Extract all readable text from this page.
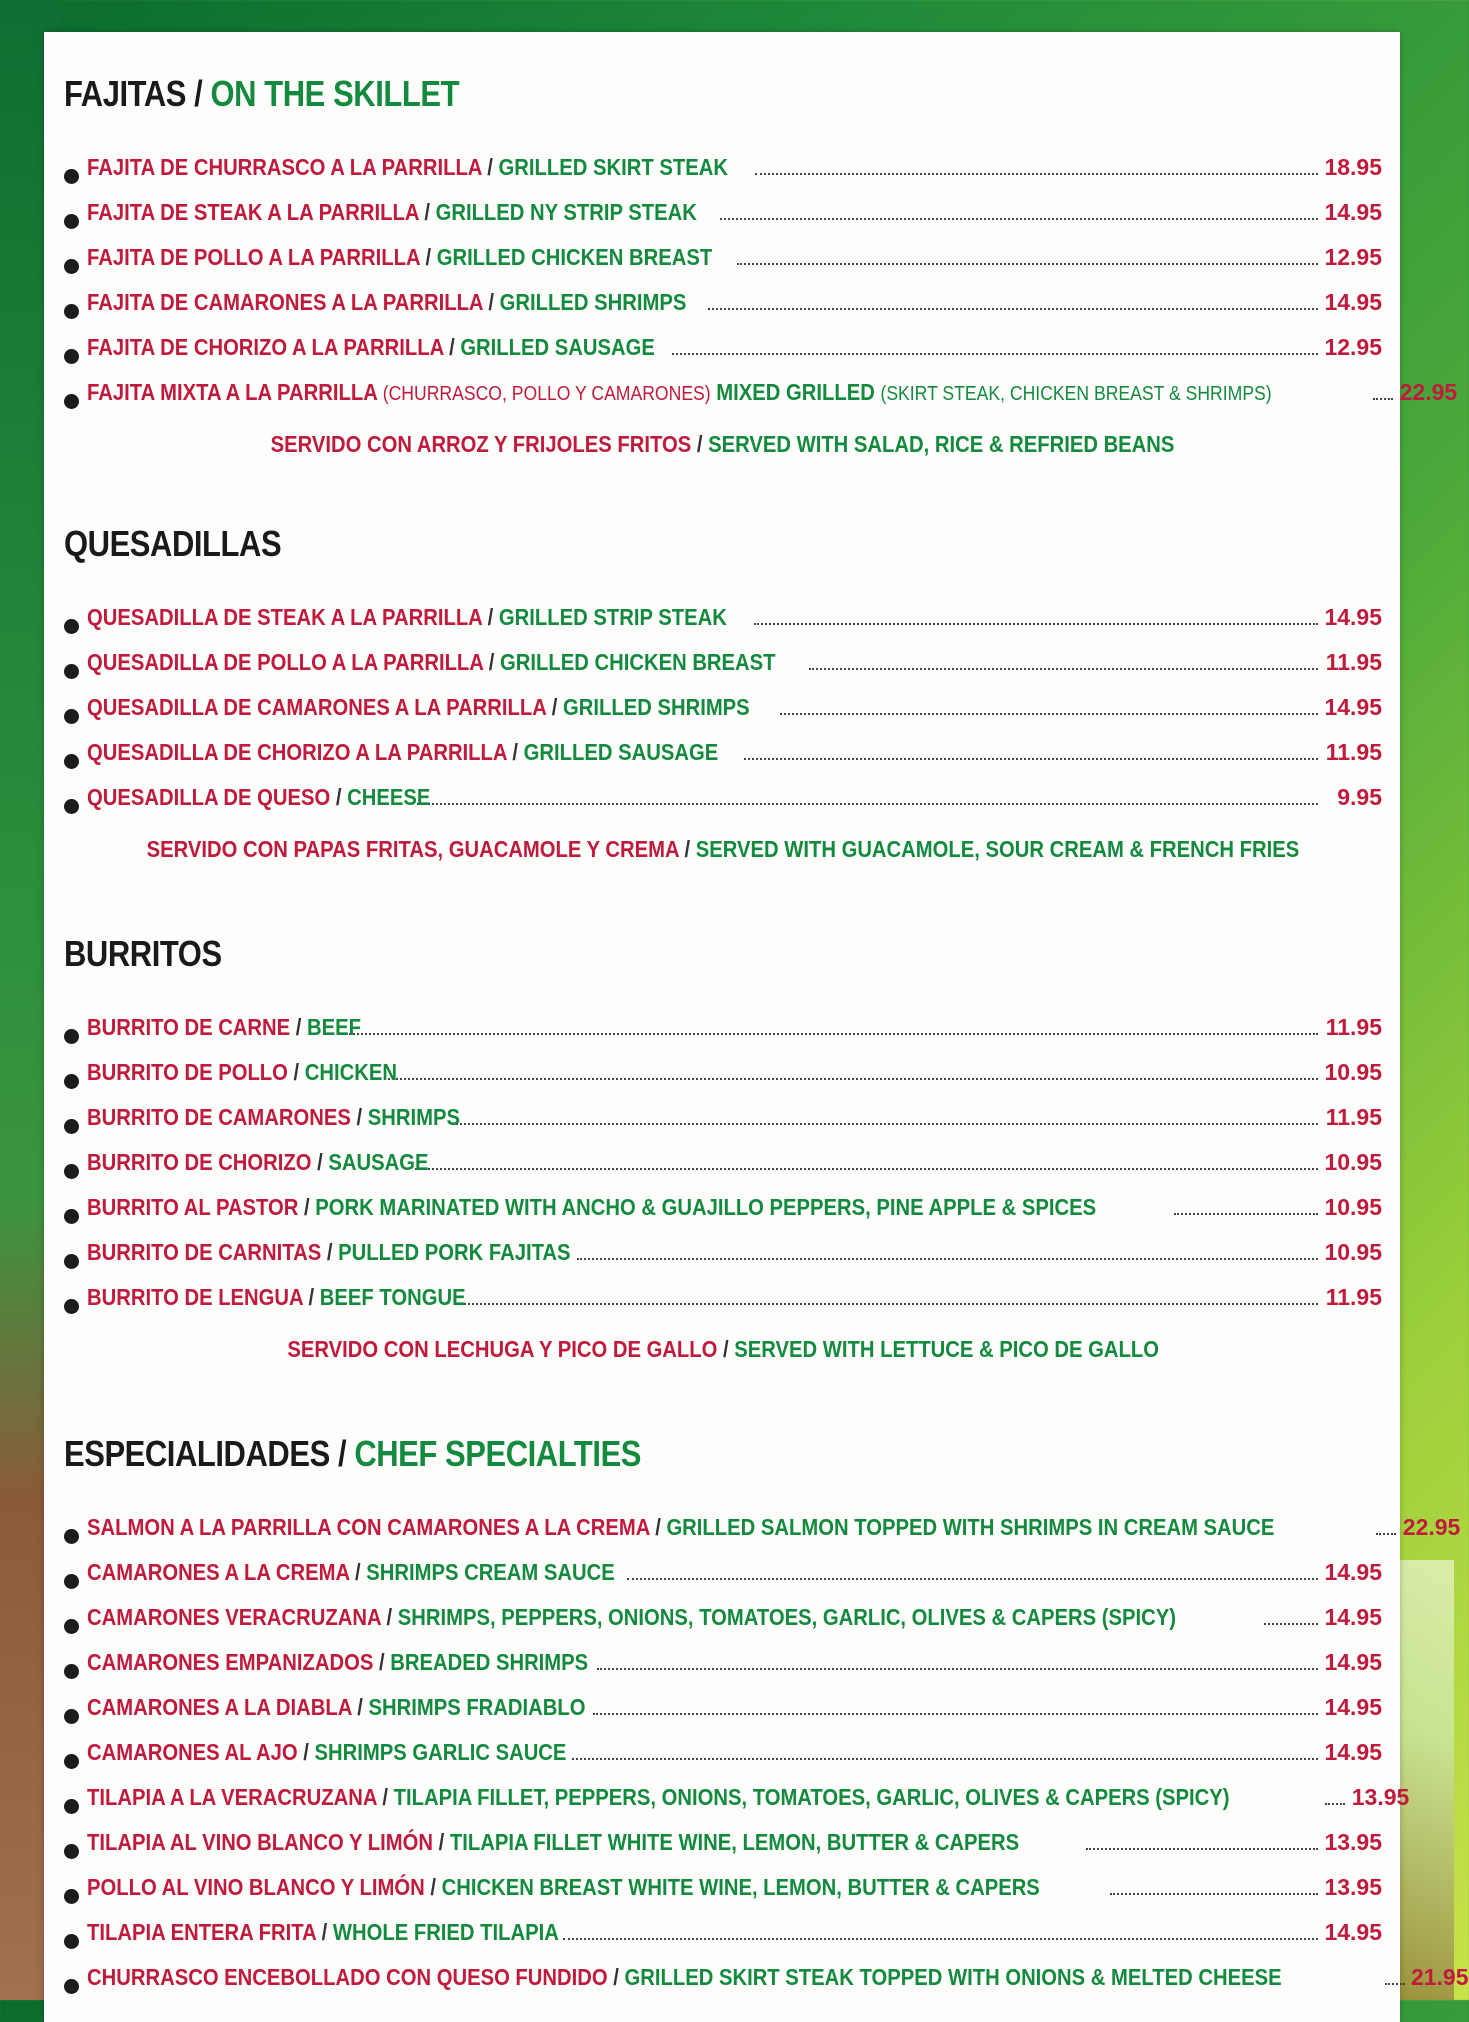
FAJITAS / ON THE SKILLET
FAJITA DE CHURRASCO A LA PARRILLA / GRILLED SKIRT STEAK	18.95
FAJITA DE STEAK A LA PARRILLA / GRILLED NY STRIP STEAK	14.95
FAJITA DE POLLO A LA PARRILLA / GRILLED CHICKEN BREAST	12.95
FAJITA DE CAMARONES A LA PARRILLA / GRILLED SHRIMPS	14.95
FAJITA DE CHORIZO A LA PARRILLA / GRILLED SAUSAGE	12.95
FAJITA MIXTA A LA PARRILLA (CHURRASCO, POLLO Y CAMARONES) MIXED GRILLED (SKIRT STEAK, CHICKEN BREAST & SHRIMPS)	22.95
SERVIDO CON ARROZ Y FRIJOLES FRITOS / SERVED WITH SALAD, RICE & REFRIED BEANS
QUESADILLAS
QUESADILLA DE STEAK A LA PARRILLA / GRILLED STRIP STEAK	14.95
QUESADILLA DE POLLO A LA PARRILLA / GRILLED CHICKEN BREAST	11.95
QUESADILLA DE CAMARONES A LA PARRILLA / GRILLED SHRIMPS	14.95
QUESADILLA DE CHORIZO A LA PARRILLA / GRILLED SAUSAGE	11.95
QUESADILLA DE QUESO / CHEESE	9.95
SERVIDO CON PAPAS FRITAS, GUACAMOLE Y CREMA / SERVED WITH GUACAMOLE, SOUR CREAM & FRENCH FRIES
BURRITOS
BURRITO DE CARNE / BEEF	11.95
BURRITO DE POLLO / CHICKEN	10.95
BURRITO DE CAMARONES / SHRIMPS	11.95
BURRITO DE CHORIZO / SAUSAGE	10.95
BURRITO AL PASTOR / PORK MARINATED WITH ANCHO & GUAJILLO PEPPERS, PINE APPLE & SPICES	10.95
BURRITO DE CARNITAS / PULLED PORK FAJITAS	10.95
BURRITO DE LENGUA / BEEF TONGUE	11.95
SERVIDO CON LECHUGA Y PICO DE GALLO / SERVED WITH LETTUCE & PICO DE GALLO
ESPECIALIDADES / CHEF SPECIALTIES
SALMON A LA PARRILLA CON CAMARONES A LA CREMA / GRILLED SALMON TOPPED WITH SHRIMPS IN CREAM SAUCE	22.95
CAMARONES A LA CREMA / SHRIMPS CREAM SAUCE	14.95
CAMARONES VERACRUZANA / SHRIMPS, PEPPERS, ONIONS, TOMATOES, GARLIC, OLIVES & CAPERS (SPICY)	14.95
CAMARONES EMPANIZADOS / BREADED SHRIMPS	14.95
CAMARONES A LA DIABLA / SHRIMPS FRADIABLO	14.95
CAMARONES AL AJO / SHRIMPS GARLIC SAUCE	14.95
TILAPIA A LA VERACRUZANA / TILAPIA FILLET, PEPPERS, ONIONS, TOMATOES, GARLIC, OLIVES & CAPERS (SPICY)	13.95
TILAPIA AL VINO BLANCO Y LIMÓN / TILAPIA FILLET WHITE WINE, LEMON, BUTTER & CAPERS	13.95
POLLO AL VINO BLANCO Y LIMÓN / CHICKEN BREAST WHITE WINE, LEMON, BUTTER & CAPERS	13.95
TILAPIA ENTERA FRITA / WHOLE FRIED TILAPIA	14.95
CHURRASCO ENCEBOLLADO CON QUESO FUNDIDO / GRILLED SKIRT STEAK TOPPED WITH ONIONS & MELTED CHEESE	21.95
